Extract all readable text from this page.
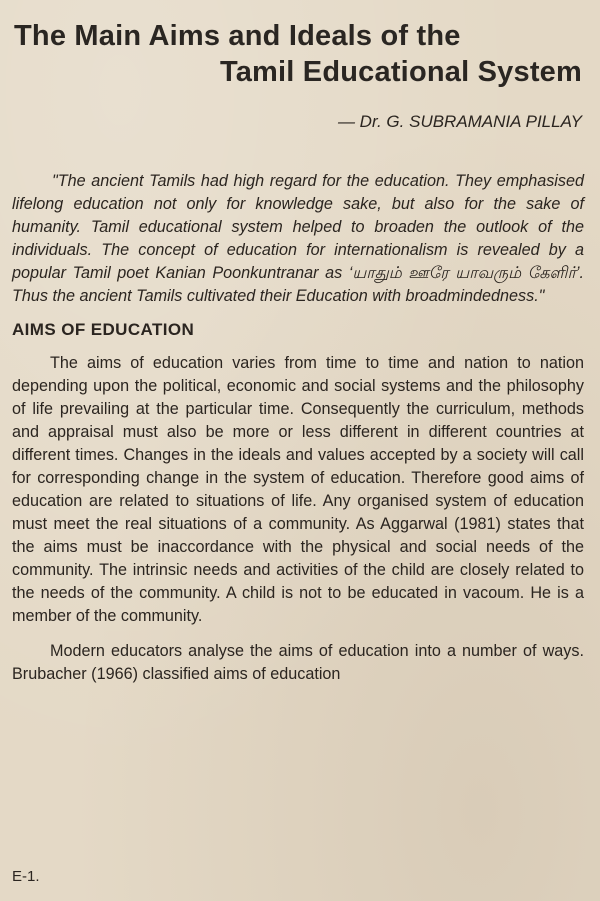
The Main Aims and Ideals of the
Tamil Educational System
— Dr. G. SUBRAMANIA PILLAY
"The ancient Tamils had high regard for the education. They emphasised lifelong education not only for knowledge sake, but also for the sake of humanity. Tamil educational system helped to broaden the outlook of the individuals. The concept of education for internationalism is revealed by a popular Tamil poet Kanian Poonkuntranar as ‘யாதும் ஊரே யாவரும் கேளிர்’. Thus the ancient Tamils cultivated their Education with broadmindedness."
AIMS OF EDUCATION
The aims of education varies from time to time and nation to nation depending upon the political, economic and social systems and the philosophy of life prevailing at the particular time. Consequently the curriculum, methods and appraisal must also be more or less different in different countries at different times. Changes in the ideals and values accepted by a society will call for corresponding change in the system of education. Therefore good aims of education are related to situations of life. Any organised system of education must meet the real situations of a community. As Aggarwal (1981) states that the aims must be inaccordance with the physical and social needs of the community. The intrinsic needs and activities of the child are closely related to the needs of the community. A child is not to be educated in vacoum. He is a member of the community.
Modern educators analyse the aims of education into a number of ways. Brubacher (1966) classified aims of education
E-1.
